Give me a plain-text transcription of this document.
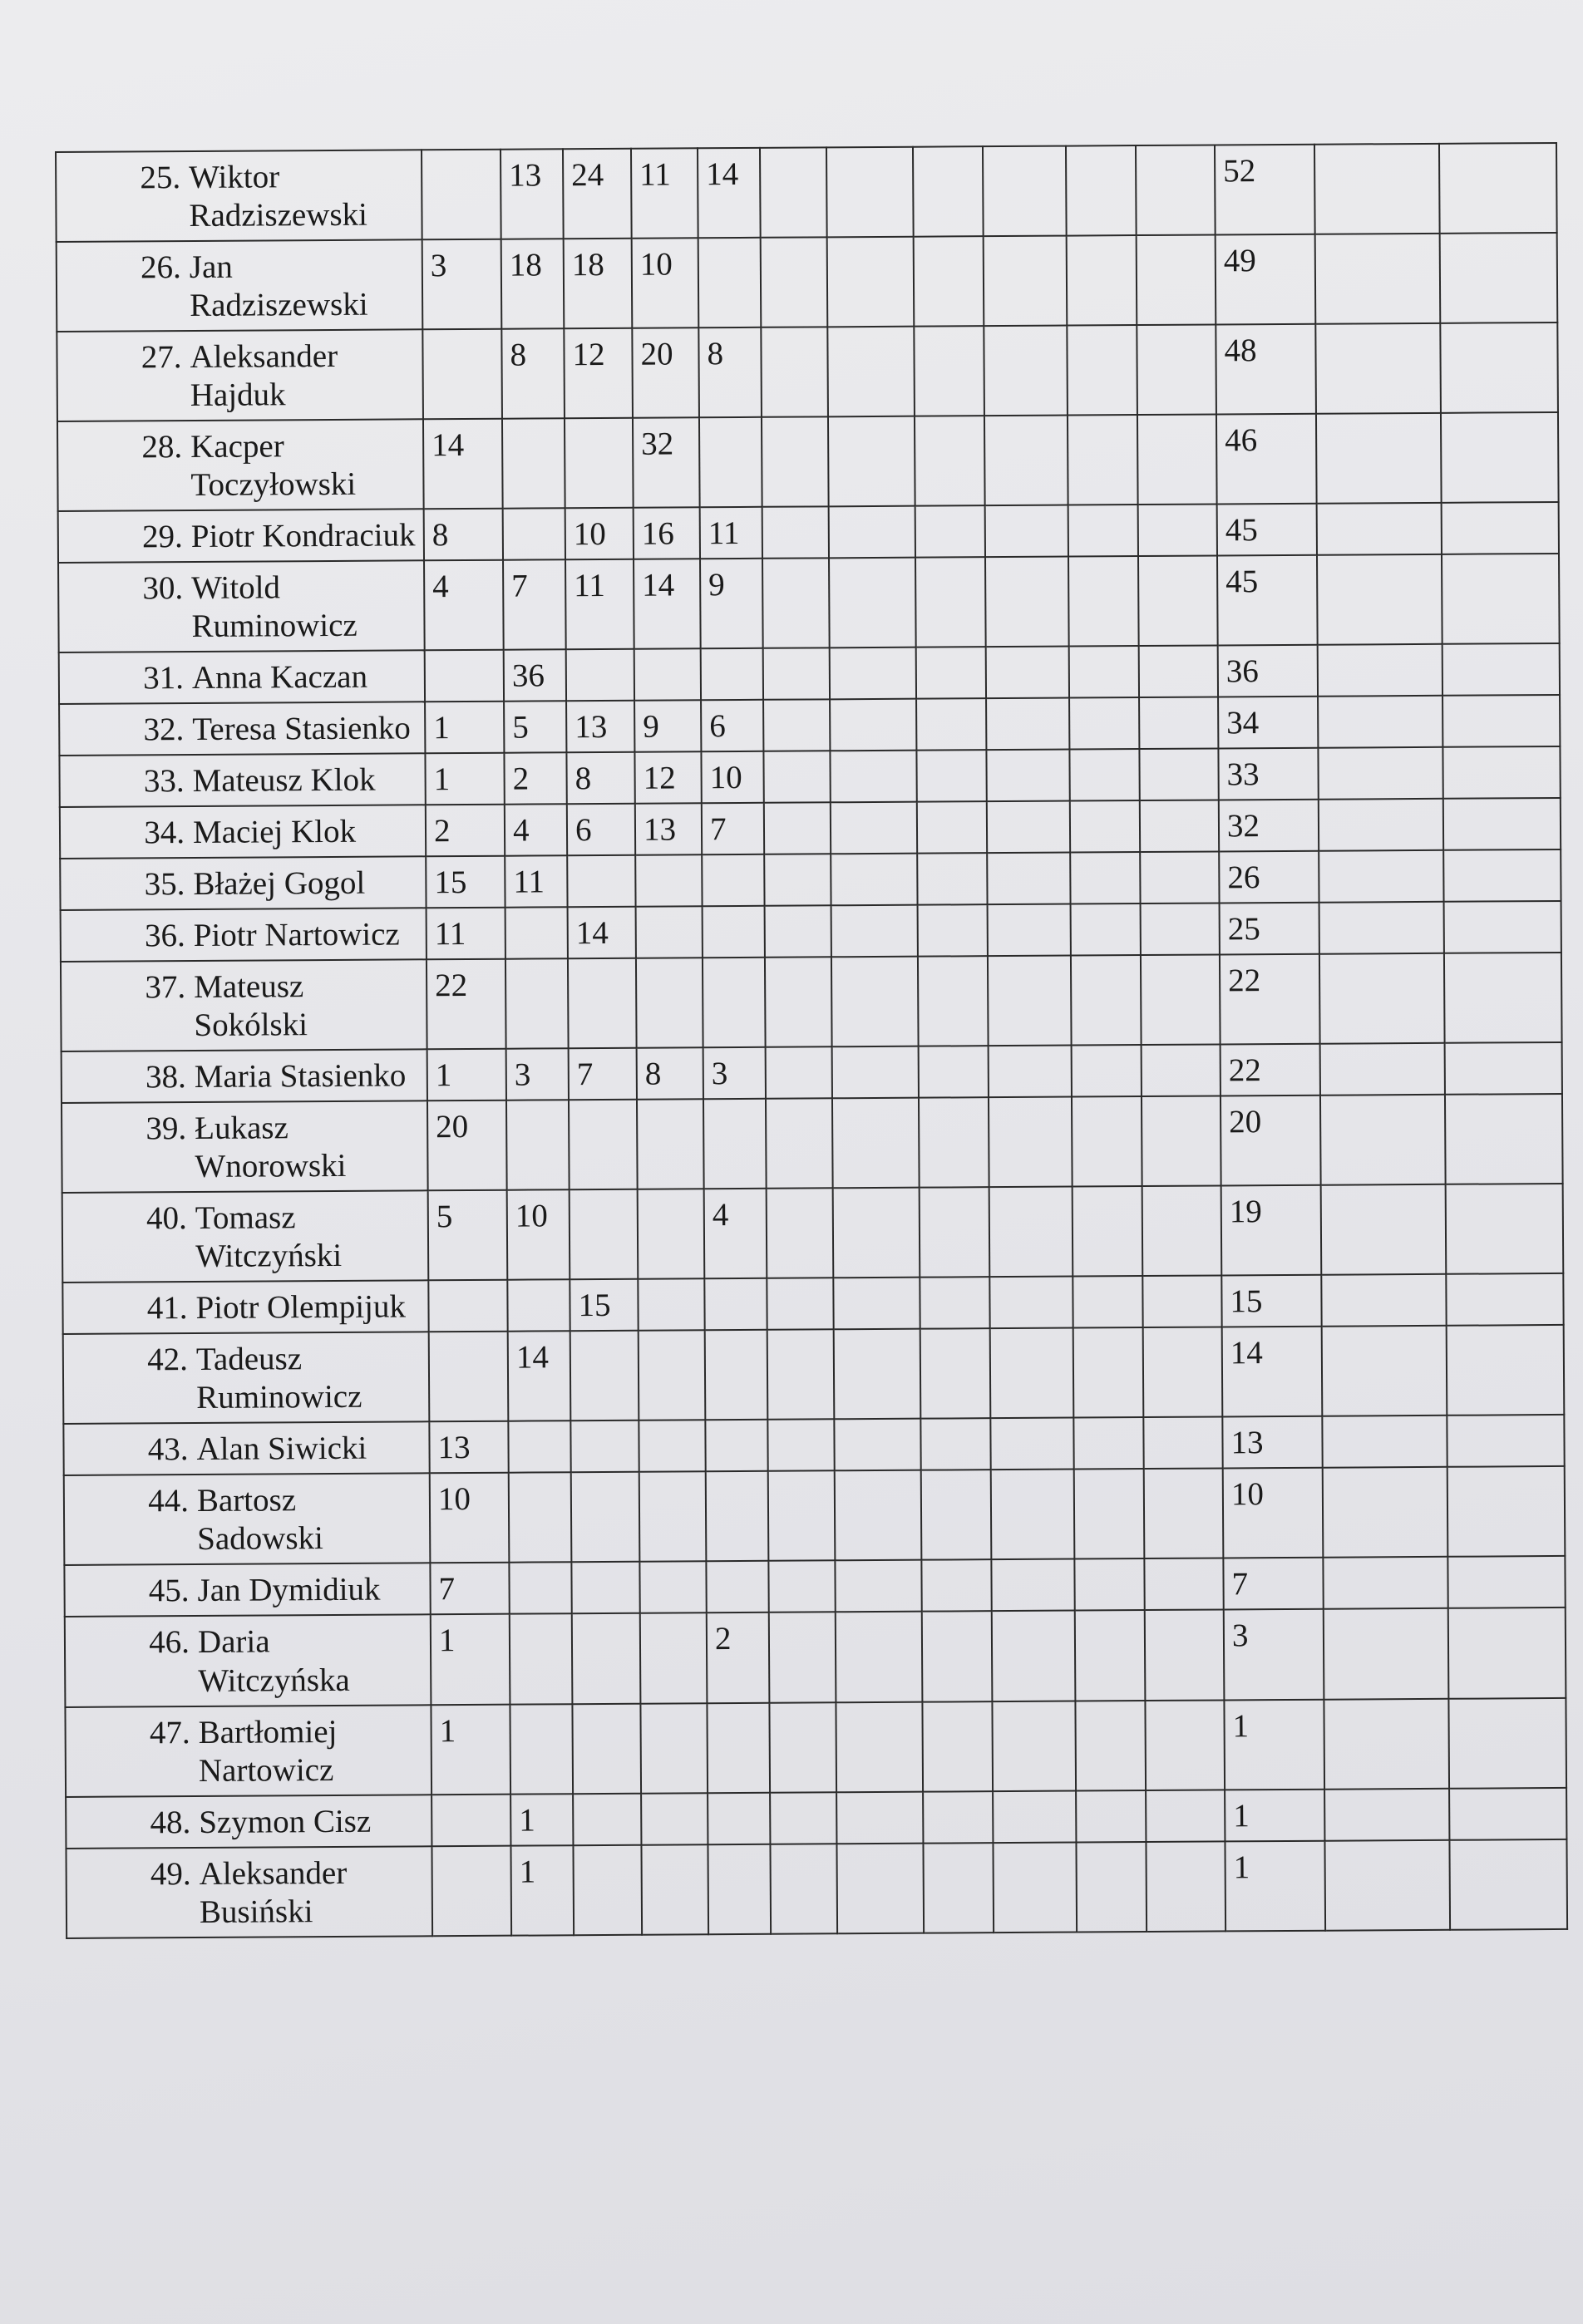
25. Wiktor Radziszewski		13	24	11	14							52		

26. Jan Radziszewski	3	18	18	10								49		

27. Aleksander Hajduk		8	12	20	8							48		

28. Kacper Toczyłowski	14			32								46		

29. Piotr Kondraciuk	8		10	16	11							45		

30. Witold Ruminowicz	4	7	11	14	9							45		

31. Anna Kaczan		36										36		

32. Teresa Stasienko	1	5	13	9	6							34		

33. Mateusz Klok	1	2	8	12	10							33		

34. Maciej Klok	2	4	6	13	7							32		

35. Błażej Gogol	15	11										26		

36. Piotr Nartowicz	11		14									25		

37. Mateusz Sokólski	22											22		

38. Maria Stasienko	1	3	7	8	3							22		

39. Łukasz Wnorowski	20											20		

40. Tomasz Witczyński	5	10			4							19		

41. Piotr Olempijuk			15									15		

42. Tadeusz Ruminowicz		14										14		

43. Alan Siwicki	13											13		

44. Bartosz Sadowski	10											10		

45. Jan Dymidiuk	7											7		

46. Daria Witczyńska	1				2							3		

47. Bartłomiej Nartowicz	1											1		

48. Szymon Cisz		1										1		

49. Aleksander Busiński		1										1		
